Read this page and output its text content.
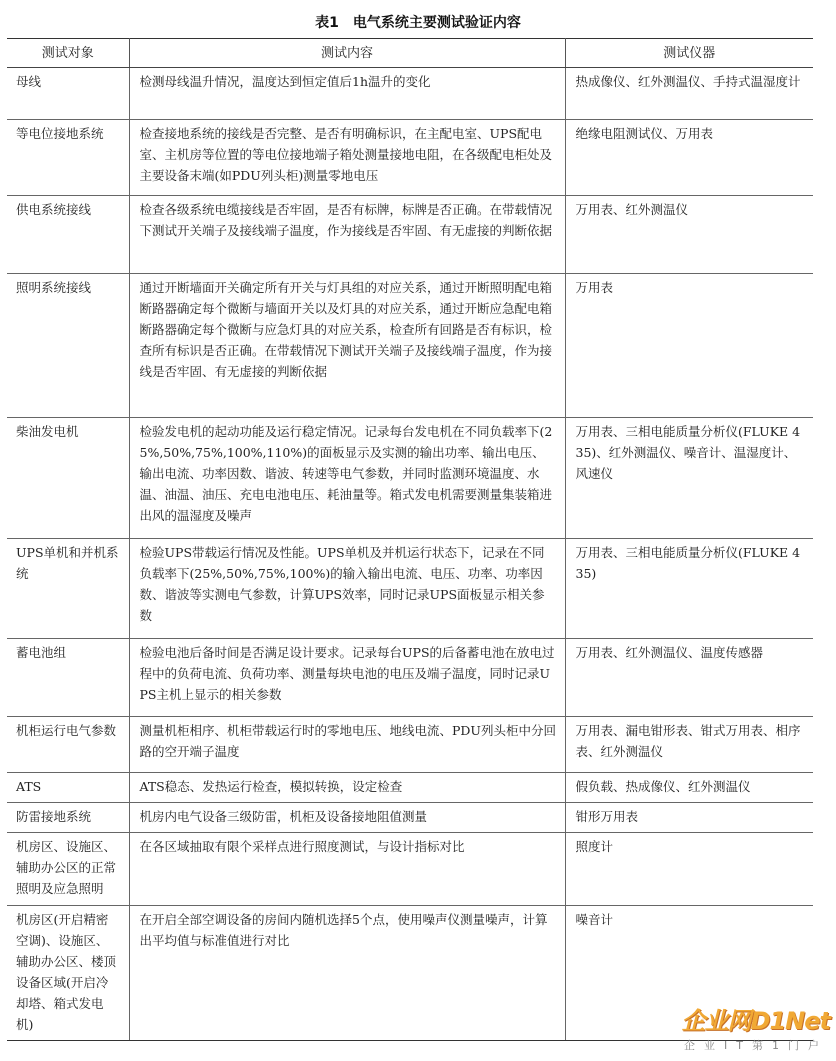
表1　电气系统主要测试验证内容
测试对象	测试内容	测试仪器
母线	检测母线温升情况，温度达到恒定值后1h温升的变化	热成像仪、红外测温仪、手持式温湿度计
等电位接地系统	检查接地系统的接线是否完整、是否有明确标识，在主配电室、UPS配电室、主机房等位置的等电位接地端子箱处测量接地电阻，在各级配电柜处及主要设备末端(如PDU列头柜)测量零地电压	绝缘电阻测试仪、万用表
供电系统接线	检查各级系统电缆接线是否牢固，是否有标牌，标牌是否正确。在带载情况下测试开关端子及接线端子温度，作为接线是否牢固、有无虚接的判断依据	万用表、红外测温仪
照明系统接线	通过开断墙面开关确定所有开关与灯具组的对应关系，通过开断照明配电箱断路器确定每个微断与墙面开关以及灯具的对应关系，通过开断应急配电箱断路器确定每个微断与应急灯具的对应关系，检查所有回路是否有标识，检查所有标识是否正确。在带载情况下测试开关端子及接线端子温度，作为接线是否牢固、有无虚接的判断依据	万用表
柴油发电机	检验发电机的起动功能及运行稳定情况。记录每台发电机在不同负载率下(25%,50%,75%,100%,110%)的面板显示及实测的输出功率、输出电压、输出电流、功率因数、谐波、转速等电气参数，并同时监测环境温度、水温、油温、油压、充电电池电压、耗油量等。箱式发电机需要测量集装箱进出风的温湿度及噪声	万用表、三相电能质量分析仪(FLUKE 435)、红外测温仪、噪音计、温湿度计、风速仪
UPS单机和并机系统	检验UPS带载运行情况及性能。UPS单机及并机运行状态下，记录在不同负载率下(25%,50%,75%,100%)的输入输出电流、电压、功率、功率因数、谐波等实测电气参数，计算UPS效率，同时记录UPS面板显示相关参数	万用表、三相电能质量分析仪(FLUKE 435)
蓄电池组	检验电池后备时间是否满足设计要求。记录每台UPS的后备蓄电池在放电过程中的负荷电流、负荷功率、测量每块电池的电压及端子温度，同时记录UPS主机上显示的相关参数	万用表、红外测温仪、温度传感器
机柜运行电气参数	测量机柜相序、机柜带载运行时的零地电压、地线电流、PDU列头柜中分回路的空开端子温度	万用表、漏电钳形表、钳式万用表、相序表、红外测温仪
ATS	ATS稳态、发热运行检查，模拟转换，设定检查	假负载、热成像仪、红外测温仪
防雷接地系统	机房内电气设备三级防雷，机柜及设备接地阻值测量	钳形万用表
机房区、设施区、辅助办公区的正常照明及应急照明	在各区域抽取有限个采样点进行照度测试，与设计指标对比	照度计
机房区(开启精密空调)、设施区、辅助办公区、楼顶设备区域(开启冷却塔、箱式发电机)	在开启全部空调设备的房间内随机选择5个点，使用噪声仪测量噪声，计算出平均值与标准值进行对比	噪音计
企业网D1Net
企业IT第1门户
